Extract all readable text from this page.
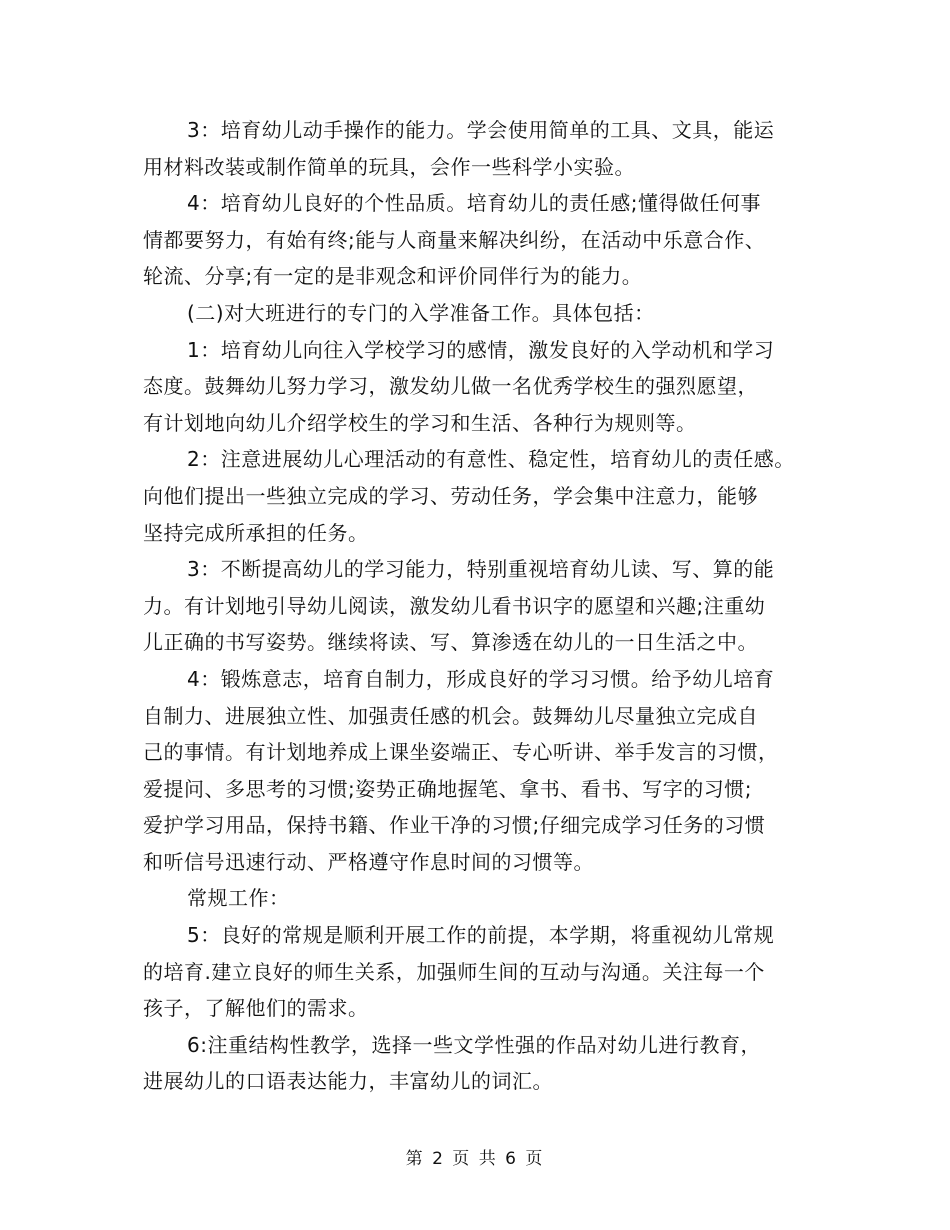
3：培育幼儿动手操作的能力。学会使用简单的工具、文具，能运
用材料改装或制作简单的玩具，会作一些科学小实验。
4：培育幼儿良好的个性品质。培育幼儿的责任感;懂得做任何事
情都要努力，有始有终;能与人商量来解决纠纷，在活动中乐意合作、
轮流、分享;有一定的是非观念和评价同伴行为的能力。
(二)对大班进行的专门的入学准备工作。具体包括：
1：培育幼儿向往入学校学习的感情，激发良好的入学动机和学习
态度。鼓舞幼儿努力学习，激发幼儿做一名优秀学校生的强烈愿望，
有计划地向幼儿介绍学校生的学习和生活、各种行为规则等。
2：注意进展幼儿心理活动的有意性、稳定性，培育幼儿的责任感。
向他们提出一些独立完成的学习、劳动任务，学会集中注意力，能够
坚持完成所承担的任务。
3：不断提高幼儿的学习能力，特别重视培育幼儿读、写、算的能
力。有计划地引导幼儿阅读，激发幼儿看书识字的愿望和兴趣;注重幼
儿正确的书写姿势。继续将读、写、算渗透在幼儿的一日生活之中。
4：锻炼意志，培育自制力，形成良好的学习习惯。给予幼儿培育
自制力、进展独立性、加强责任感的机会。鼓舞幼儿尽量独立完成自
己的事情。有计划地养成上课坐姿端正、专心听讲、举手发言的习惯，
爱提问、多思考的习惯;姿势正确地握笔、拿书、看书、写字的习惯;
爱护学习用品，保持书籍、作业干净的习惯;仔细完成学习任务的习惯
和听信号迅速行动、严格遵守作息时间的习惯等。
常规工作：
5：良好的常规是顺利开展工作的前提，本学期，将重视幼儿常规
的培育.建立良好的师生关系，加强师生间的互动与沟通。关注每一个
孩子，了解他们的需求。
6:注重结构性教学，选择一些文学性强的作品对幼儿进行教育，
进展幼儿的口语表达能力，丰富幼儿的词汇。
第 2 页 共 6 页
